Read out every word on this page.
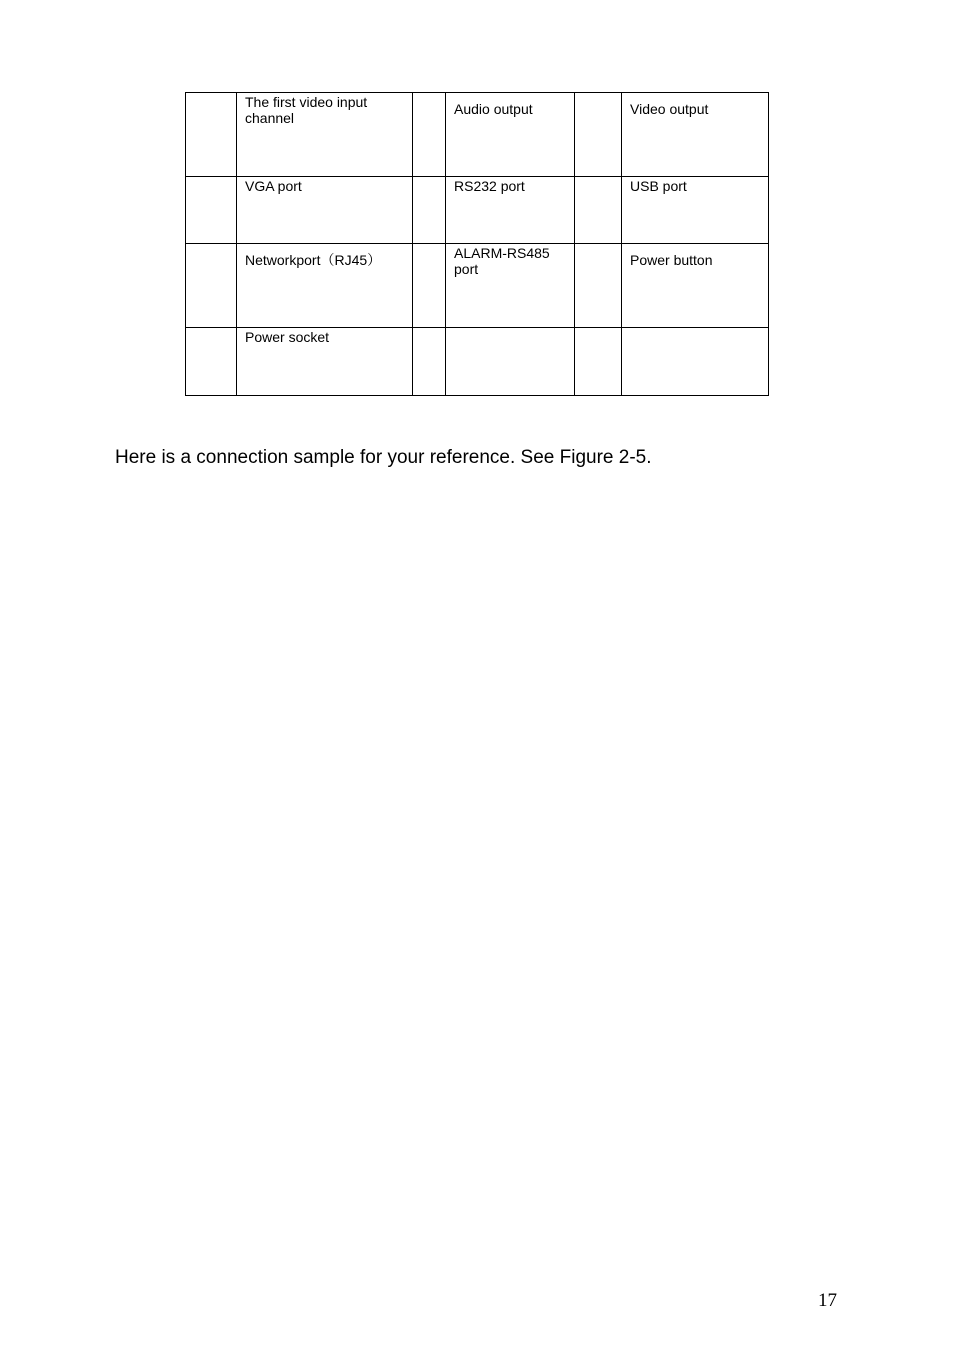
	The first video input channel		Audio output		Video output

	VGA port		RS232 port		USB port

	Networkport（RJ45）		ALARM-RS485 port		Power button

	Power socket				

Here is a connection sample for your reference. See Figure 2-5.

17
